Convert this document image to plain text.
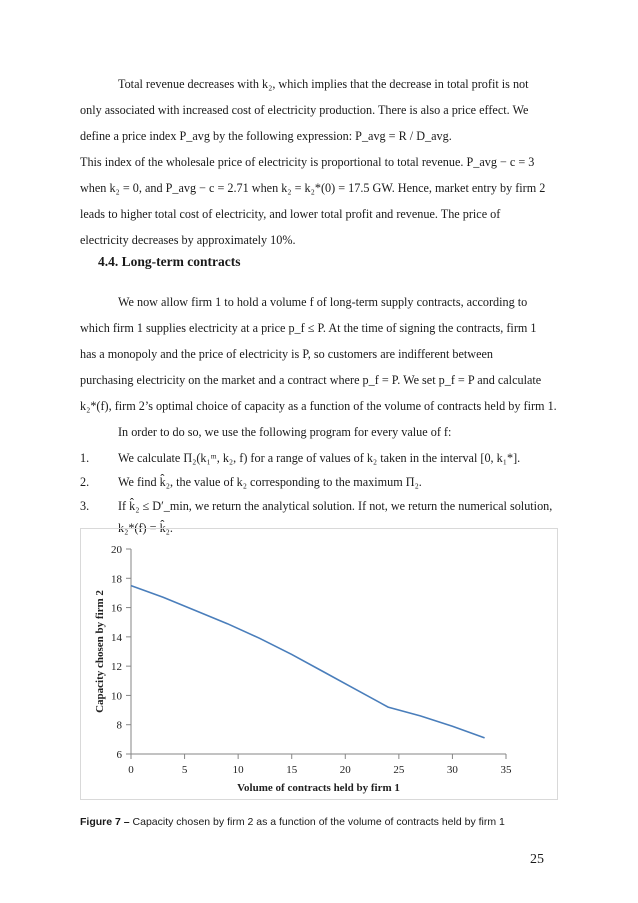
Total revenue decreases with k₂, which implies that the decrease in total profit is not
only associated with increased cost of electricity production. There is also a price effect. We
define a price index P_avg by the following expression: P_avg = R / D_avg.
This index of the wholesale price of electricity is proportional to total revenue. P_avg − c = 3
when k₂ = 0, and P_avg − c = 2.71 when k₂ = k₂*(0) = 17.5 GW. Hence, market entry by firm 2
leads to higher total cost of electricity, and lower total profit and revenue. The price of
electricity decreases by approximately 10%.
4.4. Long-term contracts
We now allow firm 1 to hold a volume f of long-term supply contracts, according to
which firm 1 supplies electricity at a price p_f ≤ P. At the time of signing the contracts, firm 1
has a monopoly and the price of electricity is P, so customers are indifferent between
purchasing electricity on the market and a contract where p_f = P. We set p_f = P and calculate
k₂*(f), firm 2’s optimal choice of capacity as a function of the volume of contracts held by firm 1.
In order to do so, we use the following program for every value of f:
1. We calculate Π₂(k₁ᵐ, k₂, f) for a range of values of k₂ taken in the interval [0, k₁*].
2. We find k̂₂, the value of k₂ corresponding to the maximum Π₂.
3. If k̂₂ ≤ D′_min, we return the analytical solution. If not, we return the numerical solution,
k₂*(f) = k̂₂.
6
8
10
12
14
16
18
20
0	5	10	15	20	25	30	35
Volume of contracts held by firm 1
Capacity chosen by firm 2
Figure 7 – Capacity chosen by firm 2 as a function of the volume of contracts held by firm 1
25
